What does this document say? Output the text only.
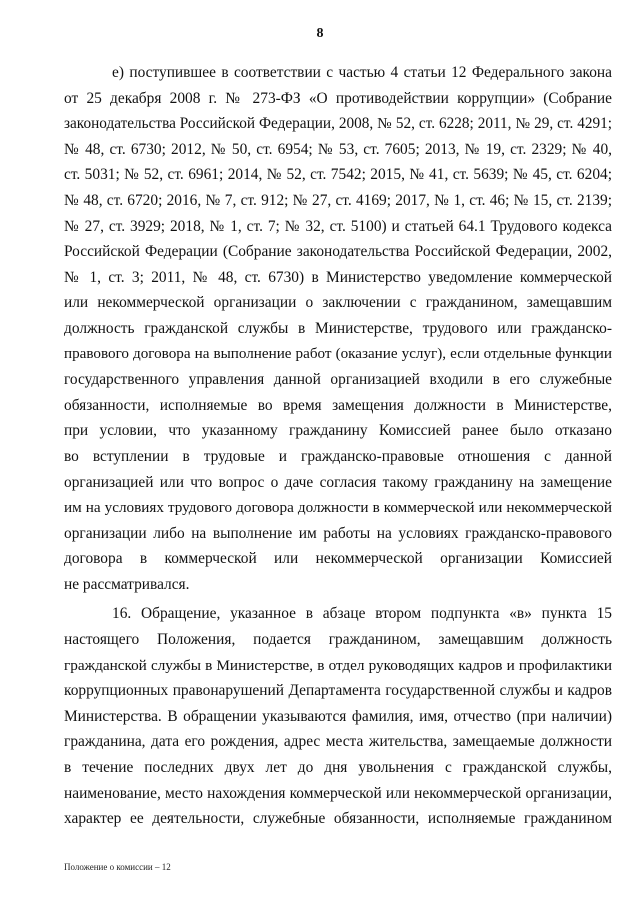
8
е) поступившее в соответствии с частью 4 статьи 12 Федерального закона
от 25 декабря 2008 г. № 273-ФЗ «О противодействии коррупции» (Собрание
законодательства Российской Федерации, 2008, № 52, ст. 6228; 2011, № 29, ст. 4291;
№ 48, ст. 6730; 2012, № 50, ст. 6954; № 53, ст. 7605; 2013, № 19, ст. 2329; № 40,
ст. 5031; № 52, ст. 6961; 2014, № 52, ст. 7542; 2015, № 41, ст. 5639; № 45, ст. 6204;
№ 48, ст. 6720; 2016, № 7, ст. 912; № 27, ст. 4169; 2017, № 1, ст. 46; № 15, ст. 2139;
№ 27, ст. 3929; 2018, № 1, ст. 7; № 32, ст. 5100) и статьей 64.1 Трудового кодекса
Российской Федерации (Собрание законодательства Российской Федерации, 2002,
№ 1, ст. 3; 2011, № 48, ст. 6730) в Министерство уведомление коммерческой
или некоммерческой организации о заключении с гражданином, замещавшим
должность гражданской службы в Министерстве, трудового или гражданско-
правового договора на выполнение работ (оказание услуг), если отдельные функции
государственного управления данной организацией входили в его служебные
обязанности, исполняемые во время замещения должности в Министерстве,
при условии, что указанному гражданину Комиссией ранее было отказано
во вступлении в трудовые и гражданско-правовые отношения с данной
организацией или что вопрос о даче согласия такому гражданину на замещение
им на условиях трудового договора должности в коммерческой или некоммерческой
организации либо на выполнение им работы на условиях гражданско-правового
договора в коммерческой или некоммерческой организации Комиссией
не рассматривался.
16. Обращение, указанное в абзаце втором подпункта «в» пункта 15
настоящего Положения, подается гражданином, замещавшим должность
гражданской службы в Министерстве, в отдел руководящих кадров и профилактики
коррупционных правонарушений Департамента государственной службы и кадров
Министерства. В обращении указываются фамилия, имя, отчество (при наличии)
гражданина, дата его рождения, адрес места жительства, замещаемые должности
в течение последних двух лет до дня увольнения с гражданской службы,
наименование, место нахождения коммерческой или некоммерческой организации,
характер ее деятельности, служебные обязанности, исполняемые гражданином
Положение о комиссии – 12
